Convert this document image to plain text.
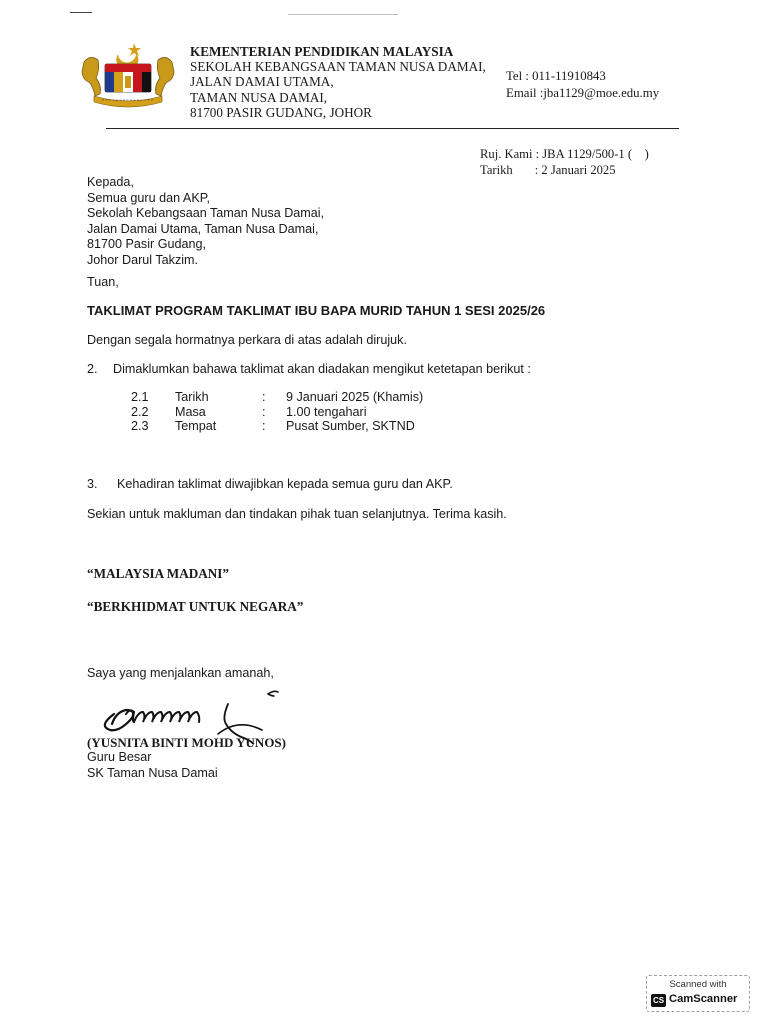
KEMENTERIAN PENDIDIKAN MALAYSIA
SEKOLAH KEBANGSAAN TAMAN NUSA DAMAI,
JALAN DAMAI UTAMA,
TAMAN NUSA DAMAI,
81700 PASIR GUDANG, JOHOR
Tel : 011-11910843
Email :jba1129@moe.edu.my
Ruj. Kami : JBA 1129/500-1 (    )
Tarikh       : 2 Januari 2025
Kepada,
Semua guru dan AKP,
Sekolah Kebangsaan Taman Nusa Damai,
Jalan Damai Utama, Taman Nusa Damai,
81700 Pasir Gudang,
Johor Darul Takzim.
Tuan,
TAKLIMAT PROGRAM TAKLIMAT IBU BAPA MURID TAHUN 1 SESI 2025/26
Dengan segala hormatnya perkara di atas adalah dirujuk.
2. Dimaklumkan bahawa taklimat akan diadakan mengikut ketetapan berikut :
2.1	Tarikh	:	9 Januari 2025 (Khamis)
2.2	Masa	:	1.00 tengahari
2.3	Tempat	:	Pusat Sumber, SKTND
3. Kehadiran taklimat diwajibkan kepada semua guru dan AKP.
Sekian untuk makluman dan tindakan pihak tuan selanjutnya. Terima kasih.
“MALAYSIA MADANI”
“BERKHIDMAT UNTUK NEGARA”
Saya yang menjalankan amanah,
(YUSNITA BINTI MOHD YUNOS)
Guru Besar
SK Taman Nusa Damai
Scanned with
CS CamScanner
